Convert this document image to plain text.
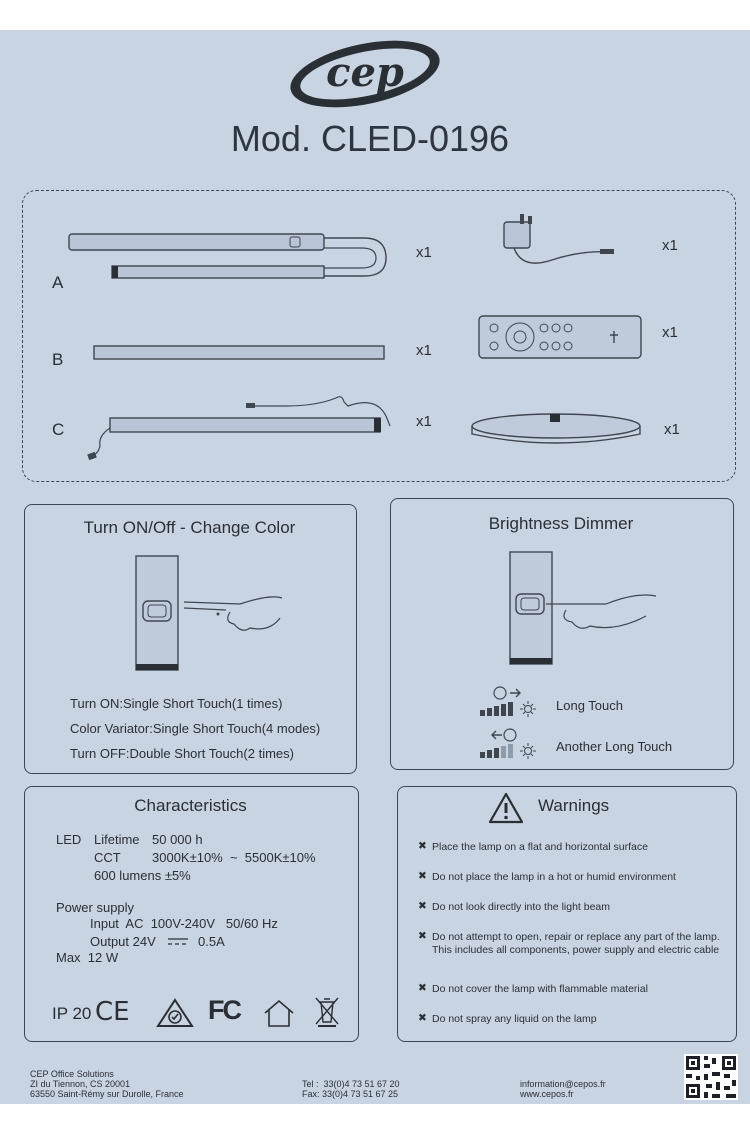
cep
Mod. CLED-0196
A
x1	x1
B	x1
x1
C	x1	x1
Turn ON/Off - Change Color
Turn ON:Single Short Touch(1 times)
Color Variator:Single Short Touch(4 modes)
Turn OFF:Double Short Touch(2 times)
Brightness Dimmer
Long Touch
Another Long Touch
Characteristics
LED Lifetime 50 000 h
CCT 3000K±10%  ~  5500K±10%
600 lumens ±5%
Power supply
Input  AC  100V-240V   50/60 Hz
Output 24V	0.5A
Max  12 W
IP 20 CE	FC
Warnings
✖ Place the lamp on a flat and horizontal surface
✖ Do not place the lamp in a hot or humid environment
✖ Do not look directly into the light beam
✖ Do not attempt to open, repair or replace any part of the lamp. This includes all components, power supply and electric cable
✖ Do not cover the lamp with flammable material
✖ Do not spray any liquid on the lamp
CEP Office Solutions
ZI du Tiennon, CS 20001
63550 Saint-Rémy sur Durolle, France
Tel :  33(0)4 73 51 67 20
Fax: 33(0)4 73 51 67 25
information@cepos.fr
www.cepos.fr
